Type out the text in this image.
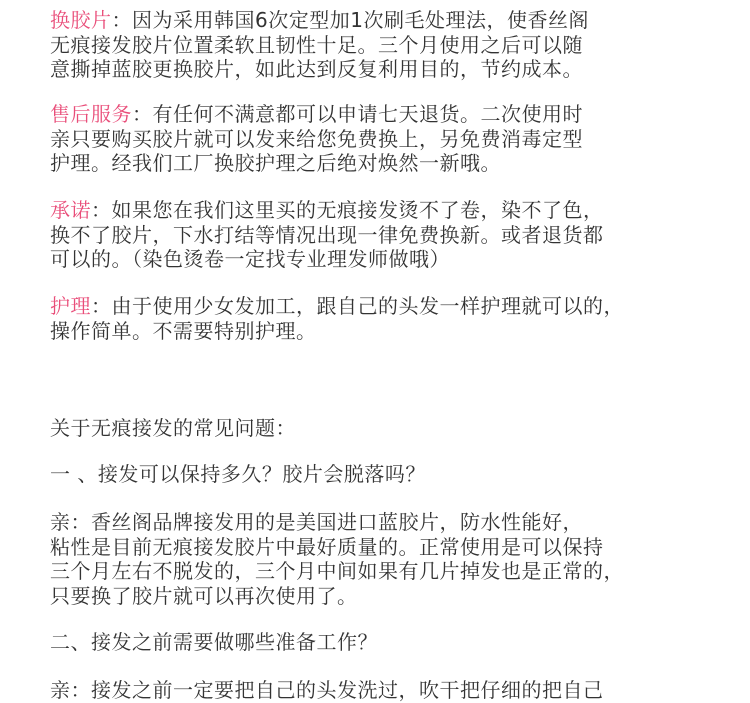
换胶片：因为采用韩国6次定型加1次刷毛处理法，使香丝阁
无痕接发胶片位置柔软且韧性十足。三个月使用之后可以随
意撕掉蓝胶更换胶片，如此达到反复利用目的，节约成本。

售后服务：有任何不满意都可以申请七天退货。二次使用时
亲只要购买胶片就可以发来给您免费换上，另免费消毒定型
护理。经我们工厂换胶护理之后绝对焕然一新哦。

承诺：如果您在我们这里买的无痕接发烫不了卷，染不了色，
换不了胶片，下水打结等情况出现一律免费换新。或者退货都
可以的。（染色烫卷一定找专业理发师做哦）

护理：由于使用少女发加工，跟自己的头发一样护理就可以的，
操作简单。不需要特别护理。

关于无痕接发的常见问题：

一 、接发可以保持多久？胶片会脱落吗？

亲：香丝阁品牌接发用的是美国进口蓝胶片，防水性能好，
粘性是目前无痕接发胶片中最好质量的。正常使用是可以保持
三个月左右不脱发的，三个月中间如果有几片掉发也是正常的，
只要换了胶片就可以再次使用了。

二、接发之前需要做哪些准备工作？

亲：接发之前一定要把自己的头发洗过，吹干把仔细的把自己
